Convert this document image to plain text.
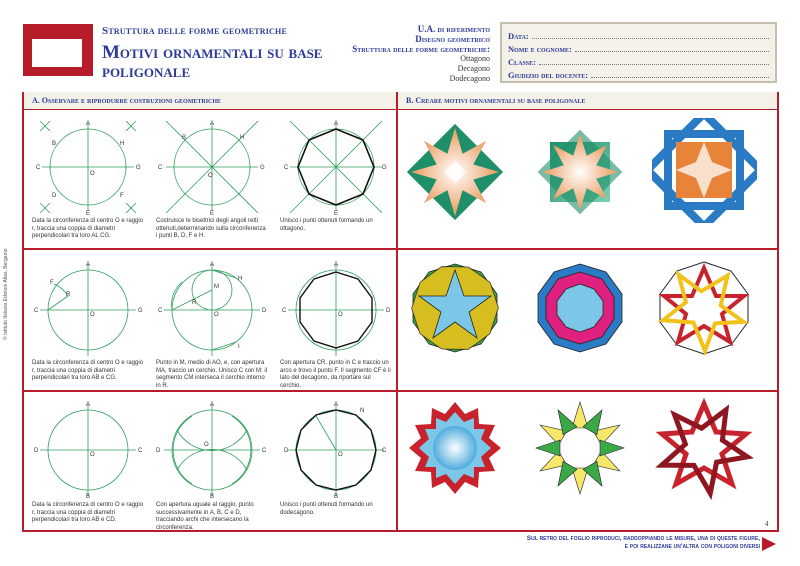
Struttura delle forme geometriche
Motivi ornamentali su base poligonale
U.A. di riferimento
Disegno geometrico
Struttura delle forme geometriche:
Ottagono
Decagono
Dodecagono
Data:
Nome e cognome:
Classe:
Giudizio del docente:
A. Osservare e riprodurre costruzioni geometriche	B. Creare motivi ornamentali su base poligonale
A
E
C	G
O
B	H
D	F
Data la circonferenza di centro O e raggio r, traccia una coppia di diametri perpendicolari tra loro AL CG.
A
E
C	G
O
B	H
Costruisce le bisettrici degli angoli retti ottenuti,determinando sulla circonferenza i punti B, D, F e H.
A
E
C	G
Unisco i punti ottenuti formando un ottagono.
A
C	G
O
F
R
Data la circonferenza di centro O e raggio r, traccia una coppia di diametri perpendicolari tra loro AB e CG.
A
C	D
M
R
O
H
I
Punto in M, medio di AO, e, con apertura MA, traccio un cerchio. Unisco C con M: il segmento CM interseca il cerchio interno in R.
A
C	D
O
Con apertura CR, punto in C e traccio un arco e trovo il punto F. Il segmento CF è il lato del decagono, da riportare sul cerchio.
A
B
D	C
O
Data la circonferenza di centro O e raggio r, traccia una coppia di diametri perpendicolari tra loro AB e CD.
A
B
D	C
O
Con apertura uguale al raggio, punto successivamente in A, B, C e D, tracciando archi che intersecano la circonferenza.
A
B
D	C
N
O
Unisco i punti ottenuti formando un dodecagono.
© Istituto Italiano Edizioni Atlas, Bergamo
4
Sul retro del foglio riproduci, raddoppiando le misure, una di queste figure,
e poi realizzane un'altra con poligoni diversi
